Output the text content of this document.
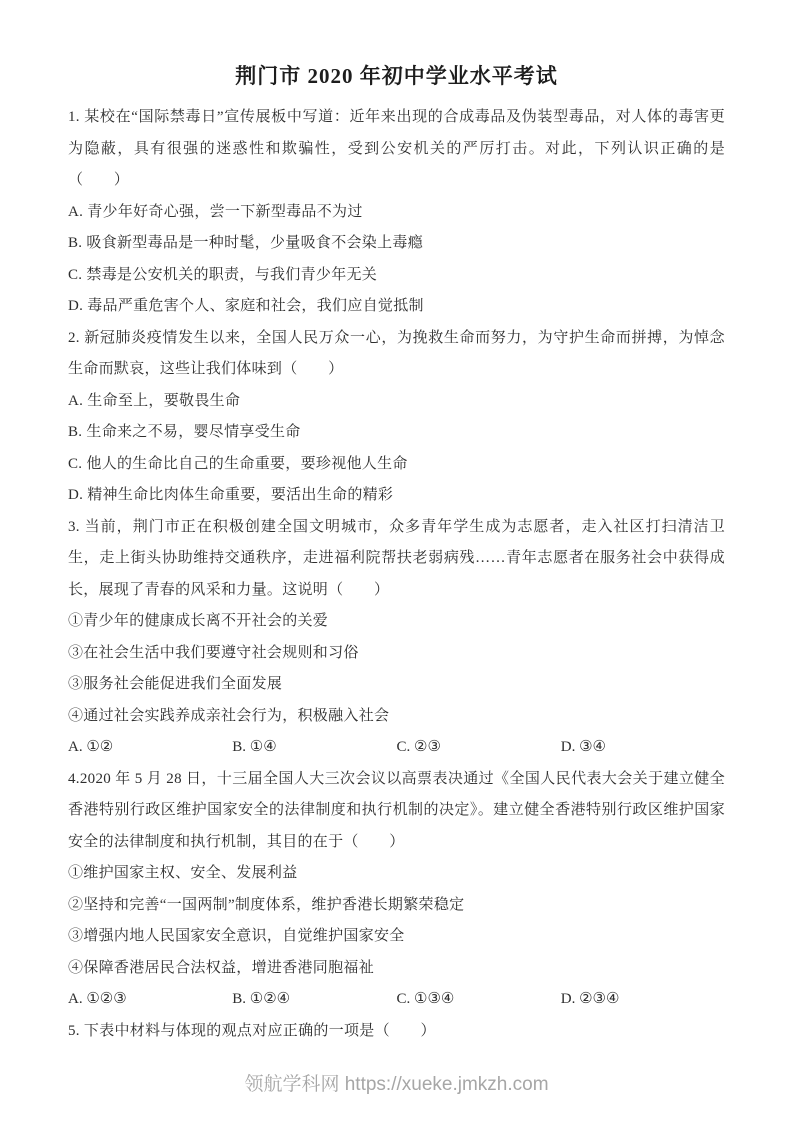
荆门市 2020 年初中学业水平考试

1. 某校在“国际禁毒日”宣传展板中写道：近年来出现的合成毒品及伪装型毒品，对人体的毒害更为隐蔽，具有很强的迷惑性和欺骗性，受到公安机关的严厉打击。对此，下列认识正确的是（　　）

A. 青少年好奇心强，尝一下新型毒品不为过

B. 吸食新型毒品是一种时髦，少量吸食不会染上毒瘾

C. 禁毒是公安机关的职责，与我们青少年无关

D. 毒品严重危害个人、家庭和社会，我们应自觉抵制

2. 新冠肺炎疫情发生以来，全国人民万众一心，为挽救生命而努力，为守护生命而拼搏，为悼念生命而默哀，这些让我们体味到（　　）

A. 生命至上，要敬畏生命

B. 生命来之不易，婴尽情享受生命

C. 他人的生命比自己的生命重要，要珍视他人生命

D. 精神生命比肉体生命重要，要活出生命的精彩

3. 当前，荆门市正在积极创建全国文明城市，众多青年学生成为志愿者，走入社区打扫清洁卫生，走上街头协助维持交通秩序，走进福利院帮扶老弱病残……青年志愿者在服务社会中获得成长，展现了青春的风采和力量。这说明（　　）

①青少年的健康成长离不开社会的关爱

③在社会生活中我们要遵守社会规则和习俗

③服务社会能促进我们全面发展

④通过社会实践养成亲社会行为，积极融入社会

A. ①②	B. ①④	C. ②③	D. ③④

4.2020 年 5 月 28 日，十三届全国人大三次会议以高票表决通过《全国人民代表大会关于建立健全香港特别行政区维护国家安全的法律制度和执行机制的决定》。建立健全香港特别行政区维护国家安全的法律制度和执行机制，其目的在于（　　）

①维护国家主权、安全、发展利益

②坚持和完善“一国两制”制度体系，维护香港长期繁荣稳定

③增强内地人民国家安全意识，自觉维护国家安全

④保障香港居民合法权益，增进香港同胞福祉

A. ①②③	B. ①②④	C. ①③④	D. ②③④

5. 下表中材料与体现的观点对应正确的一项是（　　）

领航学科网 https://xueke.jmkzh.com
